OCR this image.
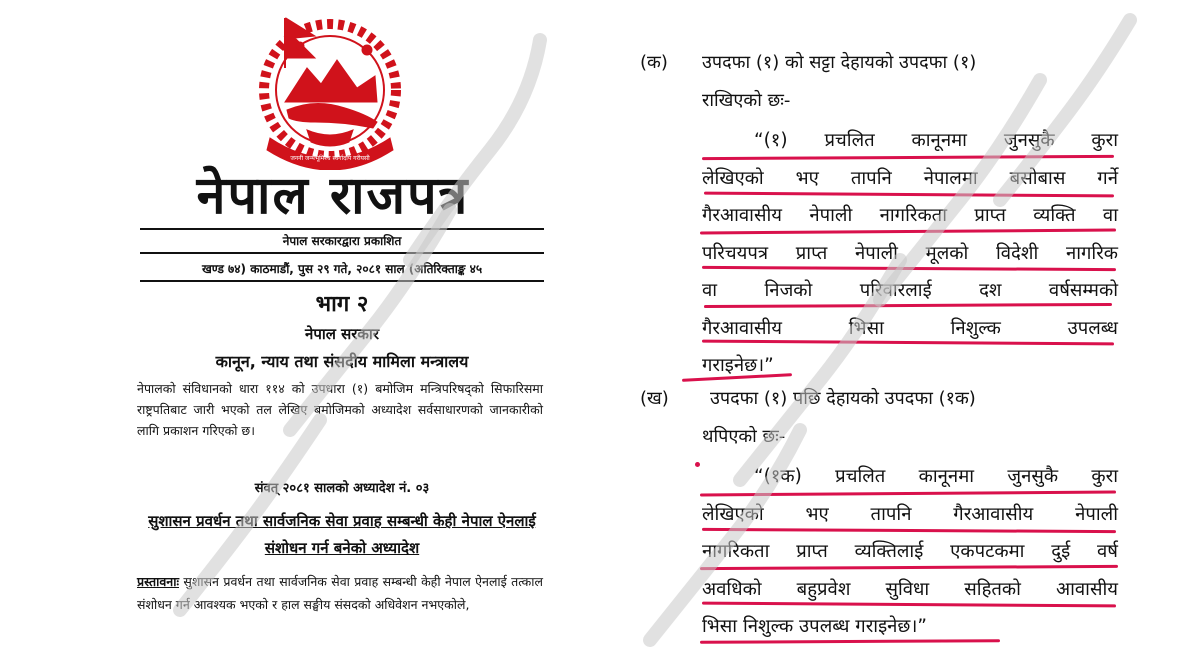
जननी जन्मभूमिश्च स्वर्गादपि गरीयसी
नेपाल राजपत्र
नेपाल सरकारद्वारा प्रकाशित
खण्ड ७४) काठमाडौं, पुस २९ गते, २०८१ साल (अतिरिक्ताङ्क ४५
भाग २
नेपाल सरकार
कानून, न्याय तथा संसदीय मामिला मन्त्रालय
नेपालको संविधानको धारा ११४ को उपधारा (१) बमोजिम मन्त्रिपरिषद्को सिफारिसमा राष्ट्रपतिबाट जारी भएको तल लेखिए बमोजिमको अध्यादेश सर्वसाधारणको जानकारीको लागि प्रकाशन गरिएको छ।
संवत् २०८१ सालको अध्यादेश नं. ०३
सुशासन प्रवर्धन तथा सार्वजनिक सेवा प्रवाह सम्बन्धी केही नेपाल ऐनलाई संशोधन गर्न बनेको अध्यादेश
प्रस्तावनाः सुशासन प्रवर्धन तथा सार्वजनिक सेवा प्रवाह सम्बन्धी केही नेपाल ऐनलाई तत्काल संशोधन गर्न आवश्यक भएको र हाल सङ्घीय संसदको अधिवेशन नभएकोले,
(क) उपदफा (१) को सट्टा देहायको उपदफा (१)
राखिएको छः-
“(१) प्रचलित कानूनमा जुनसुकै कुरा
लेखिएको भए तापनि नेपालमा बसोबास गर्ने
गैरआवासीय नेपाली नागरिकता प्राप्त व्यक्ति वा
परिचयपत्र प्राप्त नेपाली मूलको विदेशी नागरिक
वा निजको परिवारलाई दश वर्षसम्मको
गैरआवासीय भिसा निशुल्क उपलब्ध
गराइनेछ।”
(ख) उपदफा (१) पछि देहायको उपदफा (१क)
थपिएको छः-
“(१क) प्रचलित कानूनमा जुनसुकै कुरा
लेखिएको भए तापनि गैरआवासीय नेपाली
नागरिकता प्राप्त व्यक्तिलाई एकपटकमा दुई वर्ष
अवधिको बहुप्रवेश सुविधा सहितको आवासीय
भिसा निशुल्क उपलब्ध गराइनेछ।”
